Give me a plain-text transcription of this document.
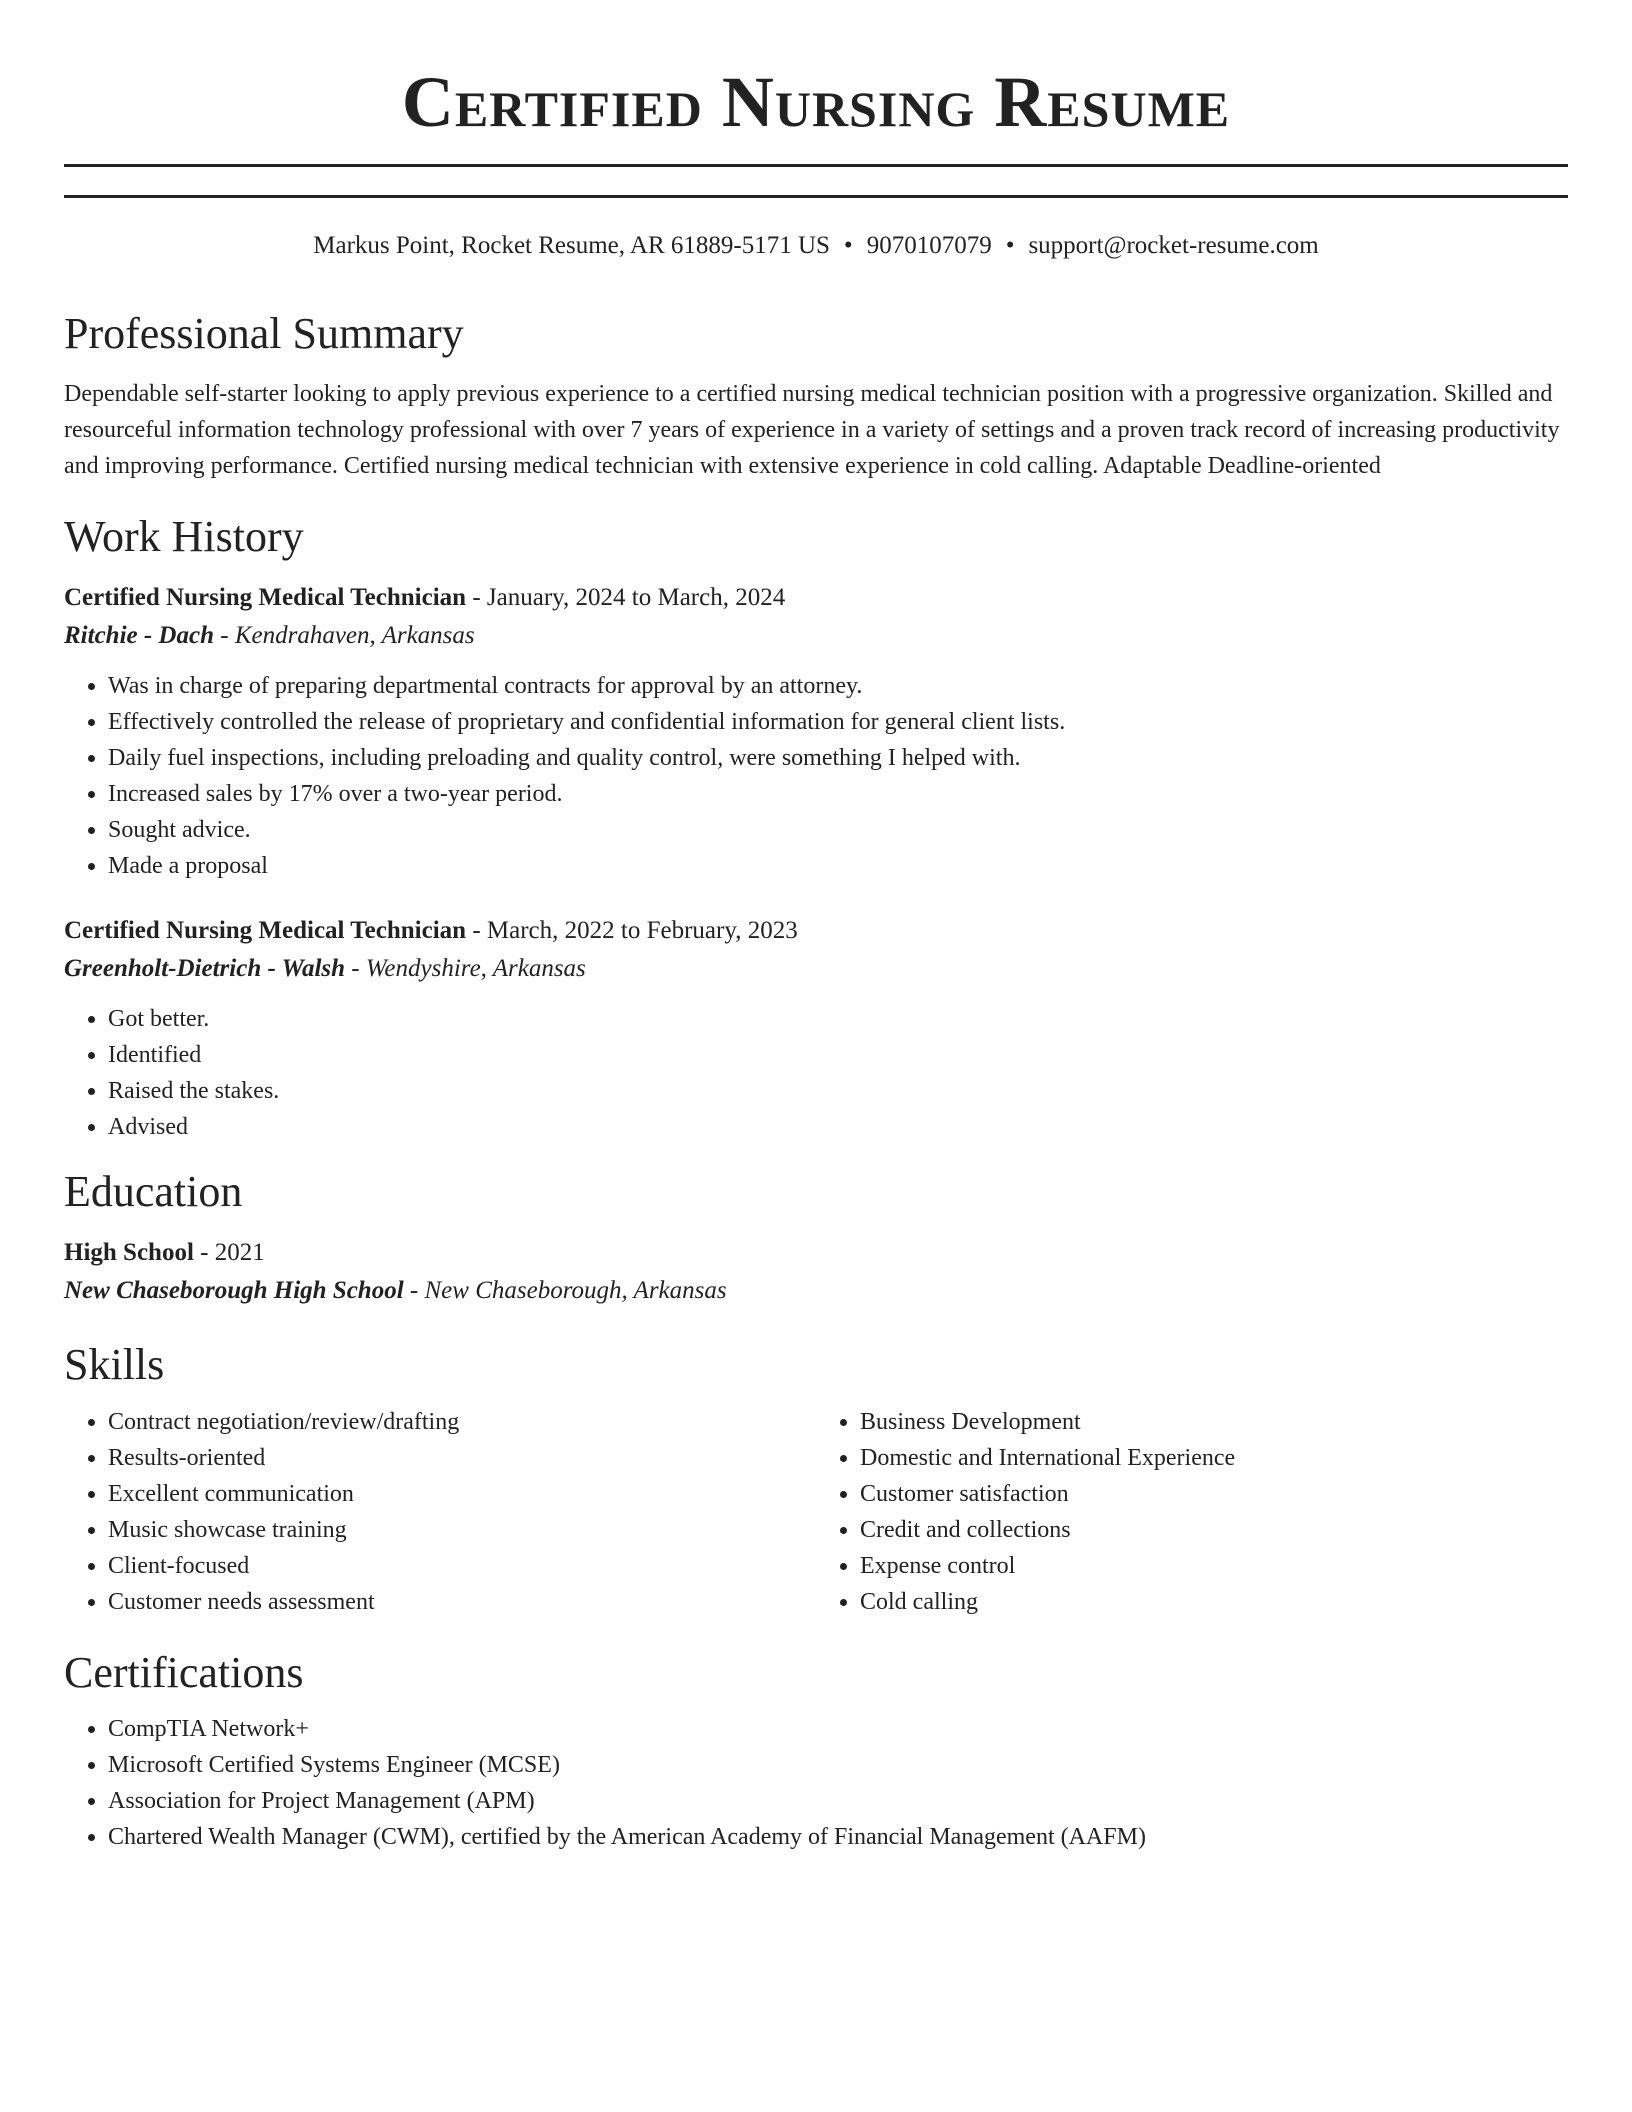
Certified Nursing Resume
Markus Point, Rocket Resume, AR 61889-5171 US • 9070107079 • support@rocket-resume.com
Professional Summary
Dependable self-starter looking to apply previous experience to a certified nursing medical technician position with a progressive organization. Skilled and resourceful information technology professional with over 7 years of experience in a variety of settings and a proven track record of increasing productivity and improving performance. Certified nursing medical technician with extensive experience in cold calling. Adaptable Deadline-oriented
Work History
Certified Nursing Medical Technician - January, 2024 to March, 2024
Ritchie - Dach - Kendrahaven, Arkansas
• Was in charge of preparing departmental contracts for approval by an attorney.
• Effectively controlled the release of proprietary and confidential information for general client lists.
• Daily fuel inspections, including preloading and quality control, were something I helped with.
• Increased sales by 17% over a two-year period.
• Sought advice.
• Made a proposal
Certified Nursing Medical Technician - March, 2022 to February, 2023
Greenholt-Dietrich - Walsh - Wendyshire, Arkansas
• Got better.
• Identified
• Raised the stakes.
• Advised
Education
High School - 2021
New Chaseborough High School - New Chaseborough, Arkansas
Skills
• Contract negotiation/review/drafting
• Results-oriented
• Excellent communication
• Music showcase training
• Client-focused
• Customer needs assessment
• Business Development
• Domestic and International Experience
• Customer satisfaction
• Credit and collections
• Expense control
• Cold calling
Certifications
• CompTIA Network+
• Microsoft Certified Systems Engineer (MCSE)
• Association for Project Management (APM)
• Chartered Wealth Manager (CWM), certified by the American Academy of Financial Management (AAFM)
